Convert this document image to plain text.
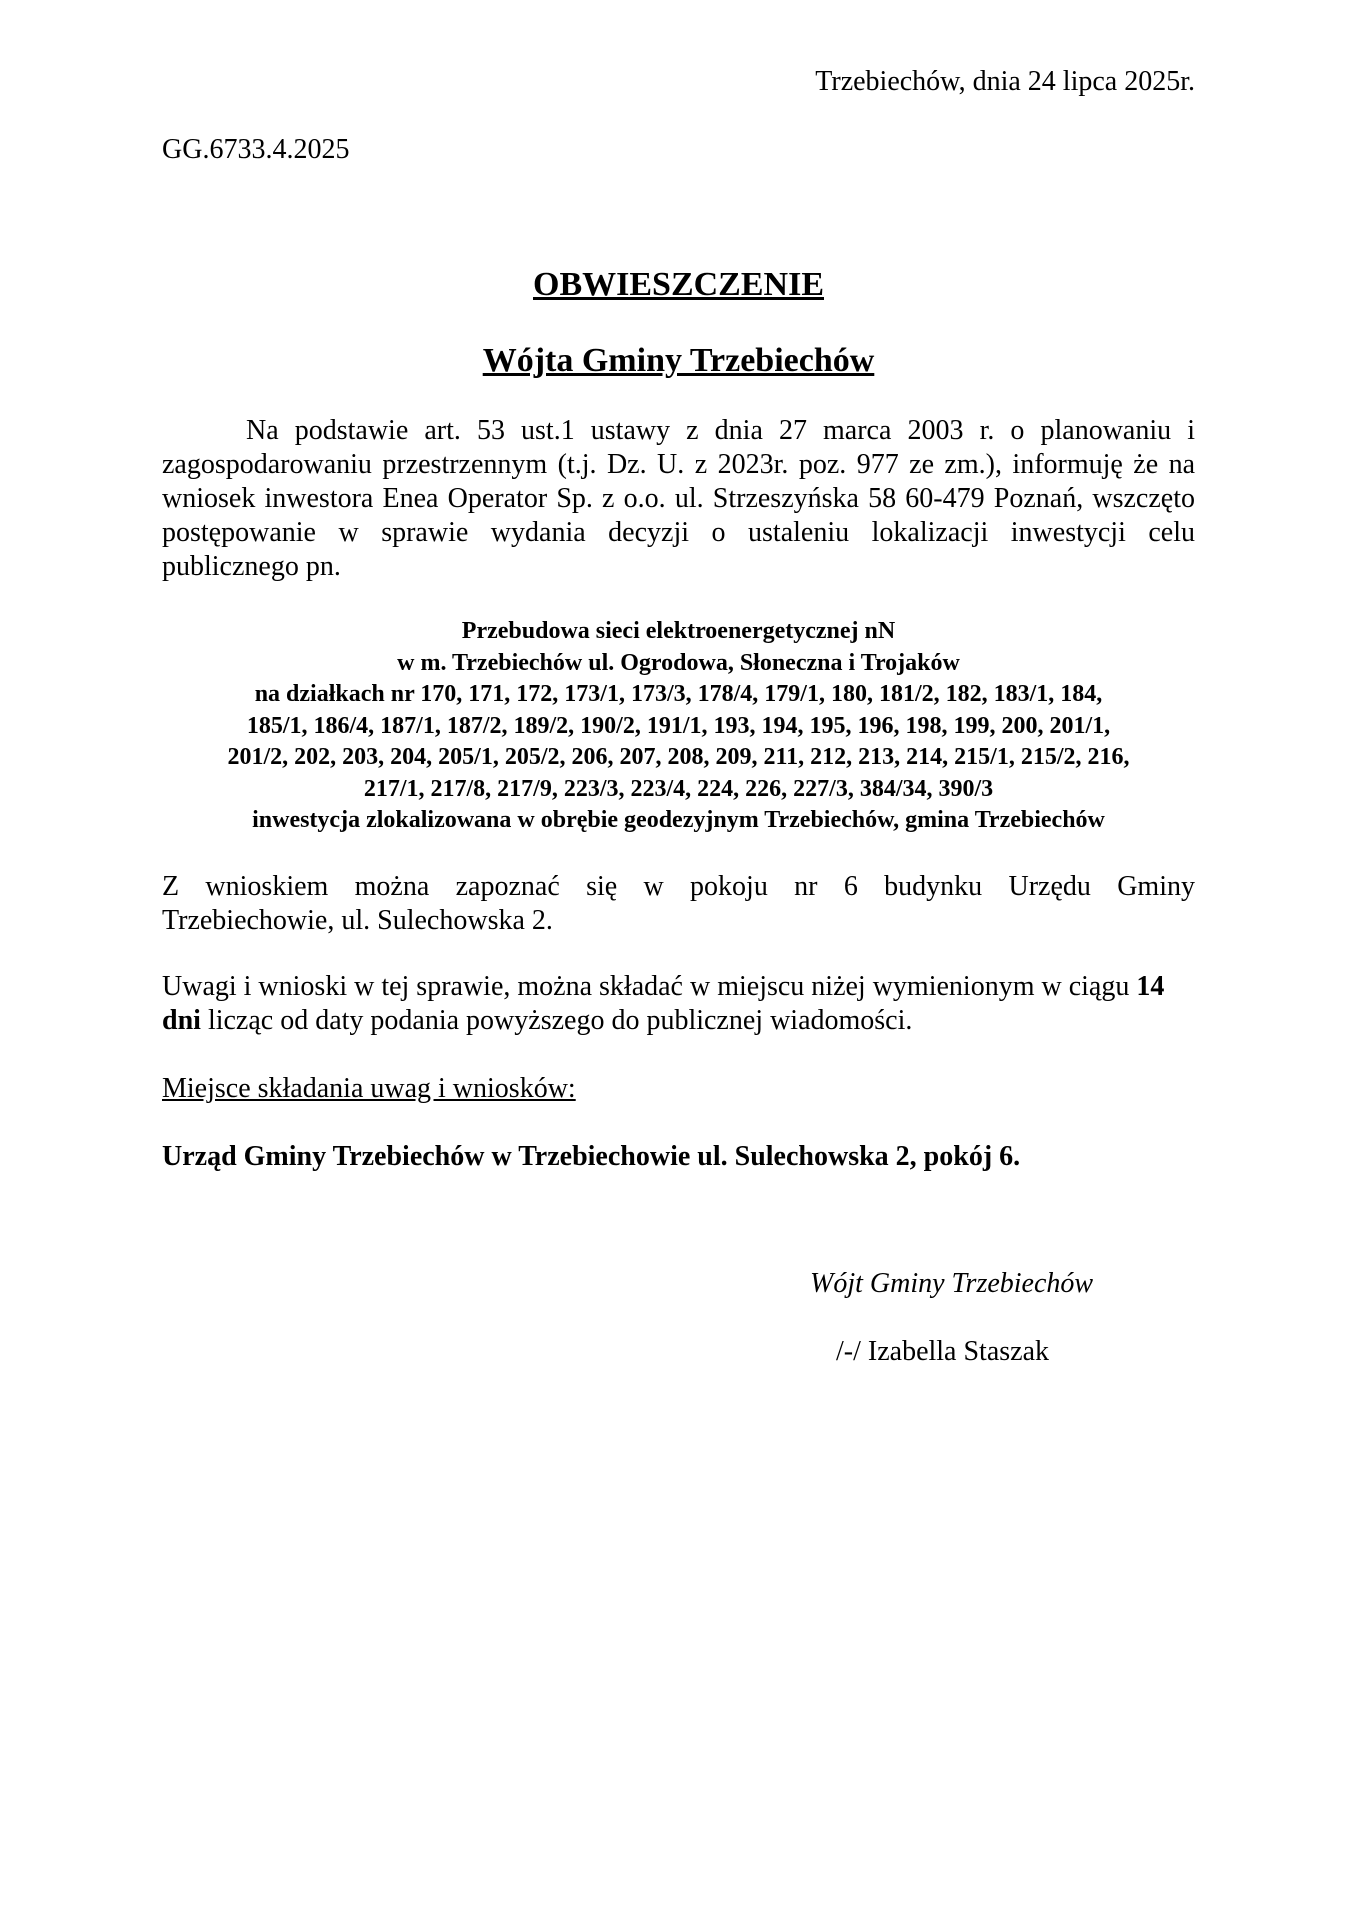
Trzebiechów, dnia 24 lipca 2025r.
GG.6733.4.2025
OBWIESZCZENIE
Wójta Gminy Trzebiechów
Na podstawie art. 53 ust.1 ustawy z dnia 27 marca 2003 r. o planowaniu i zagospodarowaniu przestrzennym (t.j. Dz. U. z 2023r. poz. 977 ze zm.), informuję że na wniosek inwestora Enea Operator Sp. z o.o. ul. Strzeszyńska 58 60-479 Poznań, wszczęto postępowanie w sprawie wydania decyzji o ustaleniu lokalizacji inwestycji celu publicznego pn.
Przebudowa sieci elektroenergetycznej nN
w m. Trzebiechów ul. Ogrodowa, Słoneczna i Trojaków
na działkach nr 170, 171, 172, 173/1, 173/3, 178/4, 179/1, 180, 181/2, 182, 183/1, 184,
185/1, 186/4, 187/1, 187/2, 189/2, 190/2, 191/1, 193, 194, 195, 196, 198, 199, 200, 201/1,
201/2, 202, 203, 204, 205/1, 205/2, 206, 207, 208, 209, 211, 212, 213, 214, 215/1, 215/2, 216,
217/1, 217/8, 217/9, 223/3, 223/4, 224, 226, 227/3, 384/34, 390/3
inwestycja zlokalizowana w obrębie geodezyjnym Trzebiechów, gmina Trzebiechów
Z wnioskiem można zapoznać się w pokoju nr 6 budynku Urzędu Gminy
Trzebiechowie, ul. Sulechowska 2.
Uwagi i wnioski w tej sprawie, można składać w miejscu niżej wymienionym w ciągu 14 dni licząc od daty podania powyższego do publicznej wiadomości.
Miejsce składania uwag i wniosków:
Urząd Gminy Trzebiechów w Trzebiechowie ul. Sulechowska 2, pokój 6.
Wójt Gminy Trzebiechów
/-/ Izabella Staszak
